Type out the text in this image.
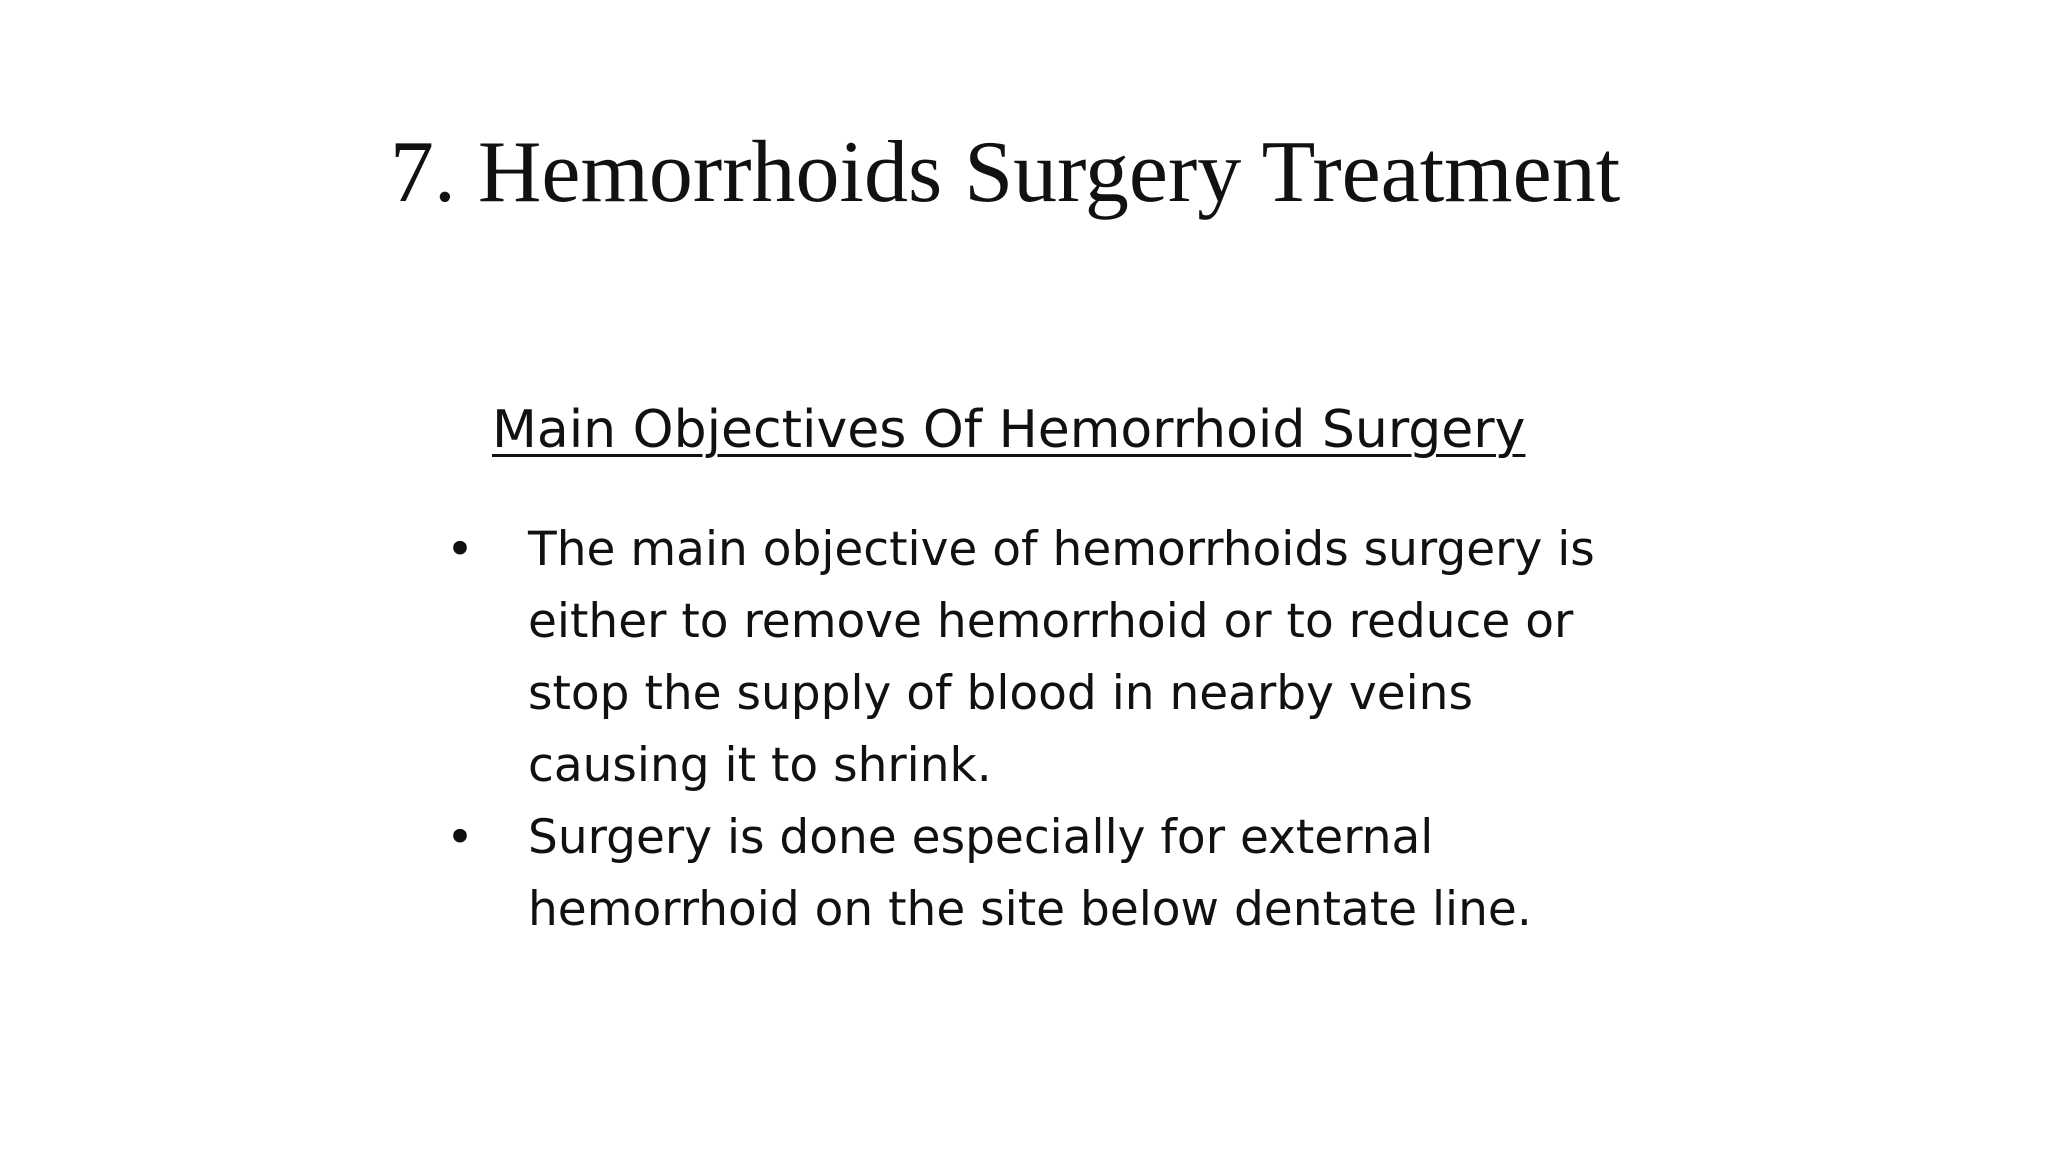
7. Hemorrhoids Surgery Treatment
Main Objectives Of Hemorrhoid Surgery
• The main objective of hemorrhoids surgery is
either to remove hemorrhoid or to reduce or
stop the supply of blood in nearby veins
causing it to shrink.
• Surgery is done especially for external
hemorrhoid on the site below dentate line.
